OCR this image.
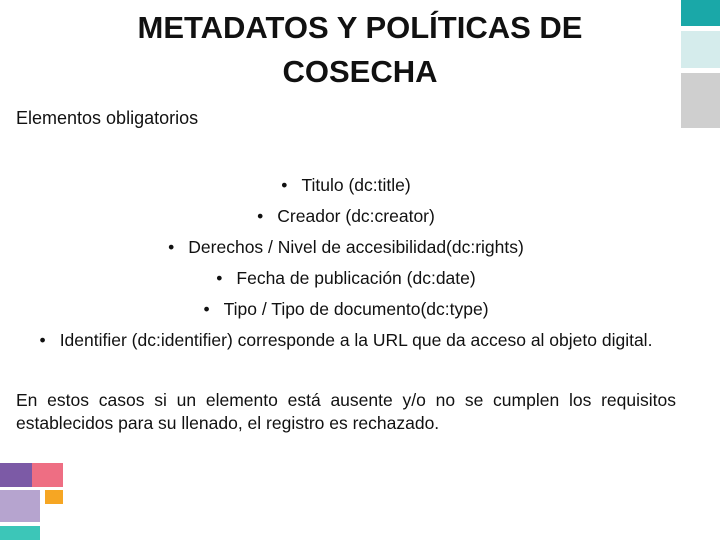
METADATOS Y POLÍTICAS DE COSECHA
Elementos obligatorios
• Titulo (dc:title)
• Creador (dc:creator)
• Derechos / Nivel de accesibilidad(dc:rights)
• Fecha de publicación (dc:date)
• Tipo / Tipo de documento(dc:type)
• Identifier (dc:identifier) corresponde a la URL que da acceso al objeto digital.
En estos casos si un elemento está ausente y/o no se cumplen los requisitos establecidos para su llenado, el registro es rechazado.
